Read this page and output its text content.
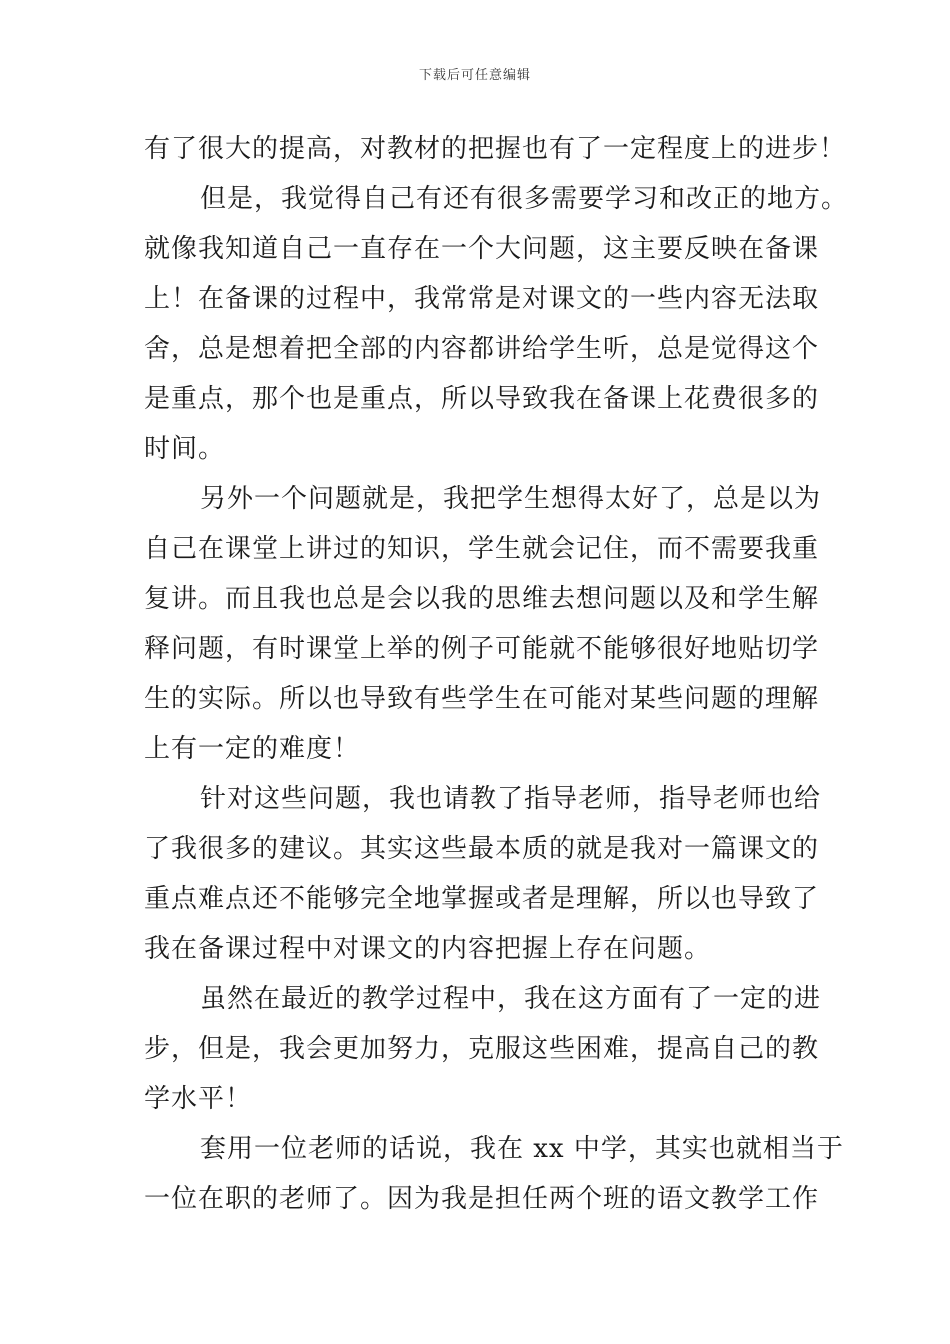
下载后可任意编辑
有了很大的提高，对教材的把握也有了一定程度上的进步！
但是，我觉得自己有还有很多需要学习和改正的地方。
就像我知道自己一直存在一个大问题，这主要反映在备课
上！在备课的过程中，我常常是对课文的一些内容无法取
舍，总是想着把全部的内容都讲给学生听，总是觉得这个
是重点，那个也是重点，所以导致我在备课上花费很多的
时间。
另外一个问题就是，我把学生想得太好了，总是以为
自己在课堂上讲过的知识，学生就会记住，而不需要我重
复讲。而且我也总是会以我的思维去想问题以及和学生解
释问题，有时课堂上举的例子可能就不能够很好地贴切学
生的实际。所以也导致有些学生在可能对某些问题的理解
上有一定的难度！
针对这些问题，我也请教了指导老师，指导老师也给
了我很多的建议。其实这些最本质的就是我对一篇课文的
重点难点还不能够完全地掌握或者是理解，所以也导致了
我在备课过程中对课文的内容把握上存在问题。
虽然在最近的教学过程中，我在这方面有了一定的进
步，但是，我会更加努力，克服这些困难，提高自己的教
学水平！
套用一位老师的话说，我在 xx 中学，其实也就相当于
一位在职的老师了。因为我是担任两个班的语文教学工作
